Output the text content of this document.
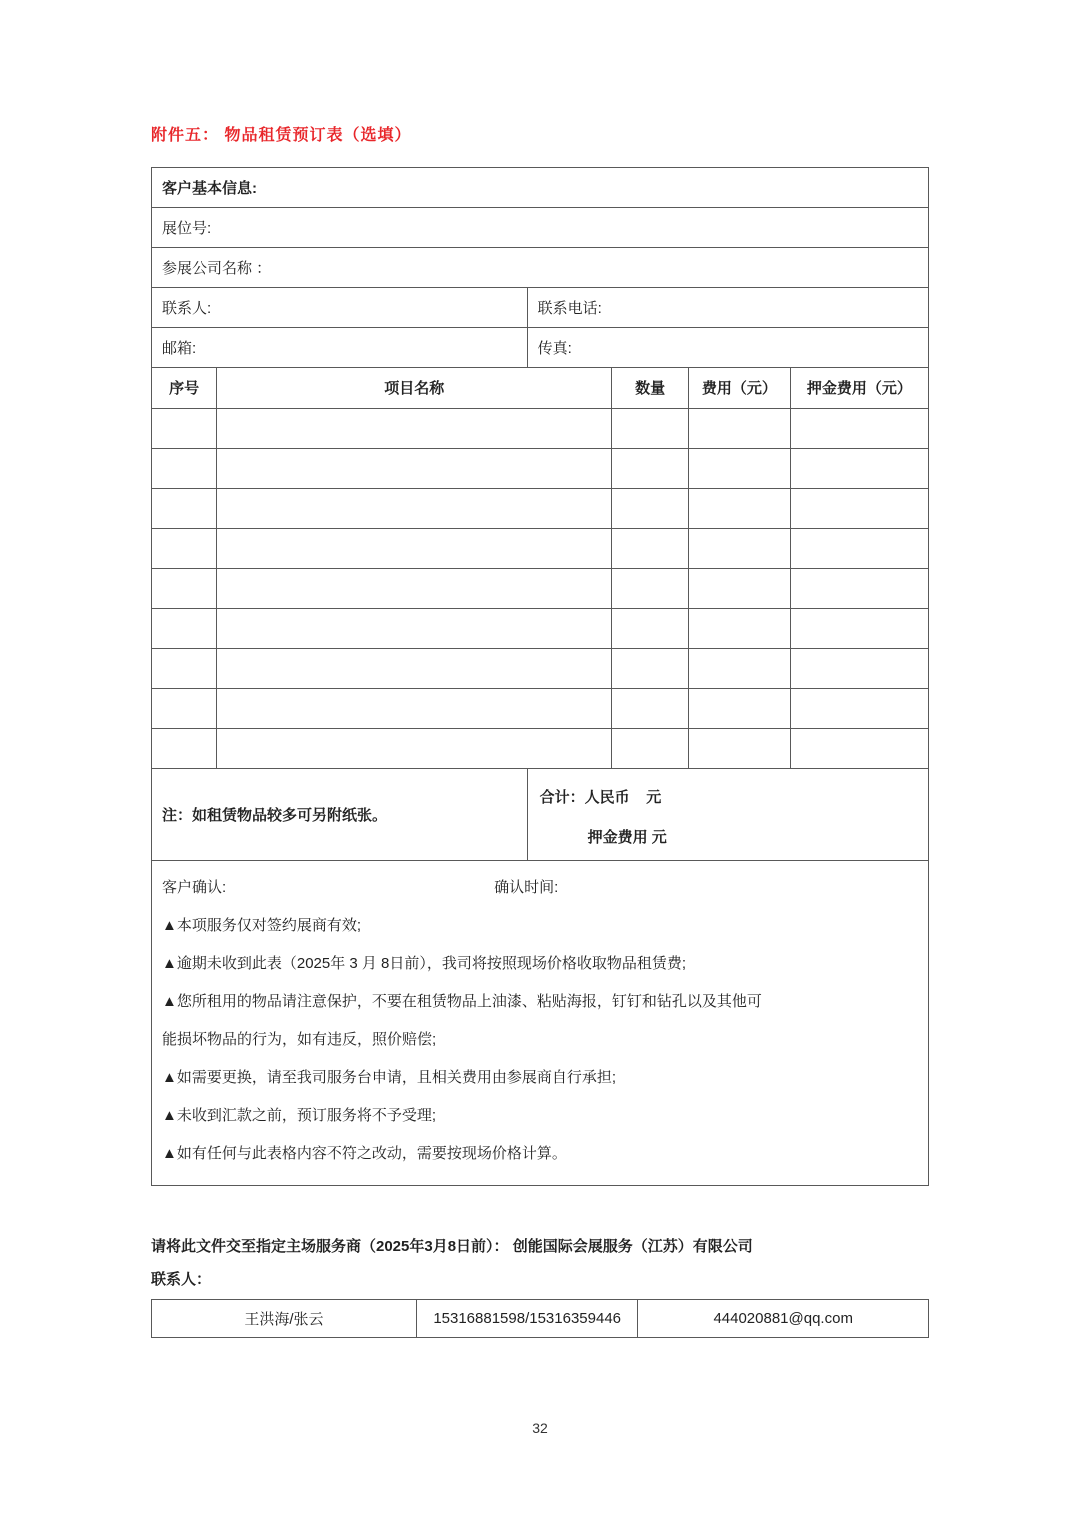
附件五： 物品租赁预订表（选填）
客户基本信息:
展位号:
参展公司名称 ：
联系人:	联系电话:
邮箱:	传真:
序号	项目名称	数量	费用（元）	押金费用（元）

注：如租赁物品较多可另附纸张。
合计：人民币    元
押金费用 元
客户确认:	确认时间:
▲本项服务仅对签约展商有效;
▲逾期未收到此表（2025年 3 月 8日前），我司将按照现场价格收取物品租赁费;
▲您所租用的物品请注意保护，不要在租赁物品上油漆、粘贴海报，钉钉和钻孔以及其他可
能损坏物品的行为，如有违反，照价赔偿;
▲如需要更换，请至我司服务台申请，且相关费用由参展商自行承担;
▲未收到汇款之前，预订服务将不予受理;
▲如有任何与此表格内容不符之改动，需要按现场价格计算。
请将此文件交至指定主场服务商（2025年3月8日前）： 创能国际会展服务（江苏）有限公司
联系人：
王洪海/张云	15316881598/15316359446	444020881@qq.com
32
